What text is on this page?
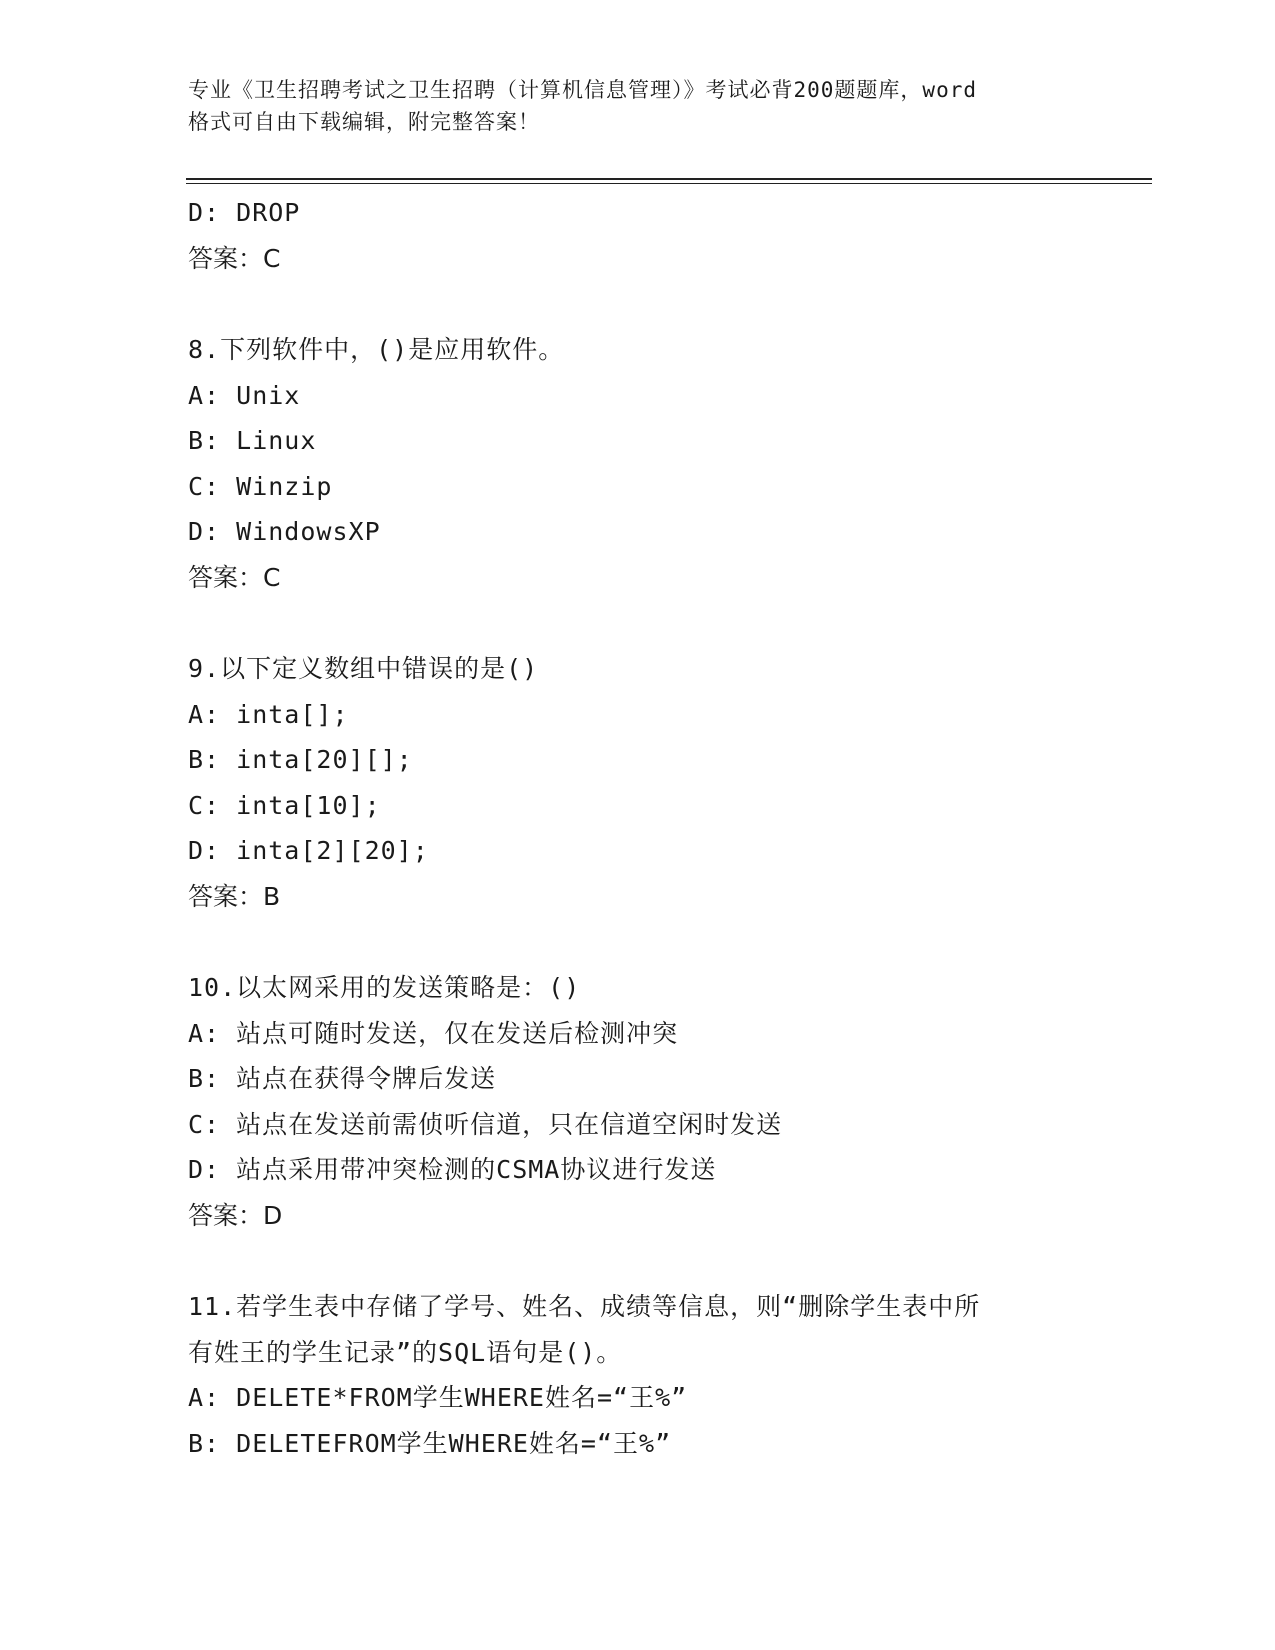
专业《卫生招聘考试之卫生招聘（计算机信息管理）》考试必背200题题库，word
格式可自由下载编辑，附完整答案！
D: DROP
答案：C
8.下列软件中，()是应用软件。
A: Unix
B: Linux
C: Winzip
D: WindowsXP
答案：C
9.以下定义数组中错误的是()
A: inta[];
B: inta[20][];
C: inta[10];
D: inta[2][20];
答案：B
10.以太网采用的发送策略是：()
A: 站点可随时发送，仅在发送后检测冲突
B: 站点在获得令牌后发送
C: 站点在发送前需侦听信道，只在信道空闲时发送
D: 站点采用带冲突检测的CSMA协议进行发送
答案：D
11.若学生表中存储了学号、姓名、成绩等信息，则“删除学生表中所
有姓王的学生记录”的SQL语句是()。
A: DELETE*FROM学生WHERE姓名=“王%”
B: DELETEFROM学生WHERE姓名=“王%”
